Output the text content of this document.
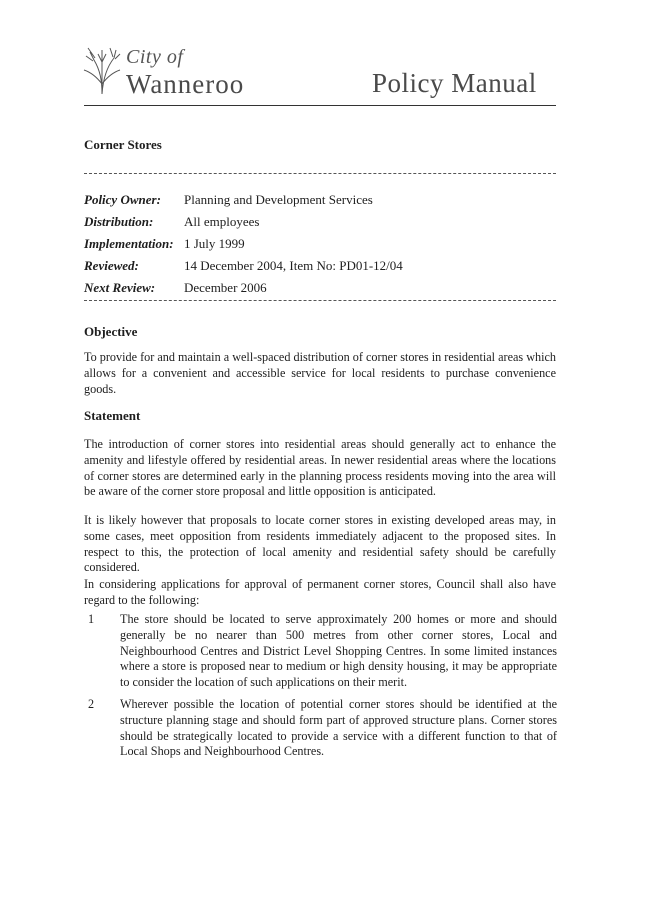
City of
Wanneroo	Policy Manual
Corner Stores
Policy Owner: Planning and Development Services
Distribution: All employees
Implementation: 1 July 1999
Reviewed:	14 December 2004, Item No: PD01-12/04
Next Review: December 2006
Objective

To provide for and maintain a well-spaced distribution of corner stores in residential areas which allows for a convenient and accessible service for local residents to purchase convenience goods.

Statement

The introduction of corner stores into residential areas should generally act to enhance the amenity and lifestyle offered by residential areas. In newer residential areas where the locations of corner stores are determined early in the planning process residents moving into the area will be aware of the corner store proposal and little opposition is anticipated.

It is likely however that proposals to locate corner stores in existing developed areas may, in some cases, meet opposition from residents immediately adjacent to the proposed sites. In respect to this, the protection of local amenity and residential safety should be carefully considered.

In considering applications for approval of permanent corner stores, Council shall also have regard to the following:

1 The store should be located to serve approximately 200 homes or more and should generally be no nearer than 500 metres from other corner stores, Local and Neighbourhood Centres and District Level Shopping Centres. In some limited instances where a store is proposed near to medium or high density housing, it may be appropriate to consider the location of such applications on their merit.

2 Wherever possible the location of potential corner stores should be identified at the structure planning stage and should form part of approved structure plans. Corner stores should be strategically located to provide a service with a different function to that of Local Shops and Neighbourhood Centres.
